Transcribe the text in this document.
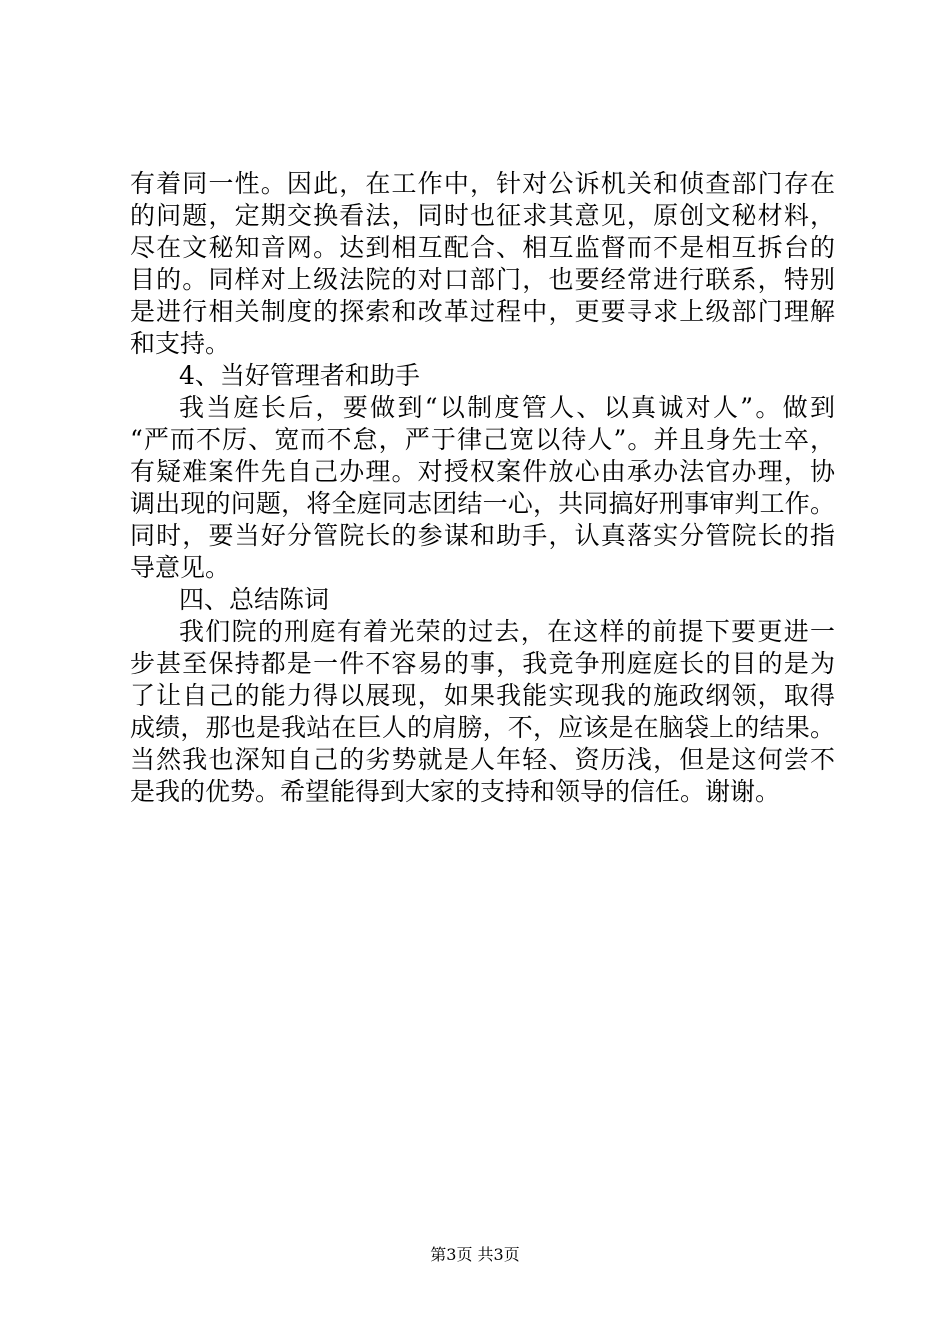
有着同一性。因此，在工作中，针对公诉机关和侦查部门存在
的问题，定期交换看法，同时也征求其意见，原创文秘材料，
尽在文秘知音网。达到相互配合、相互监督而不是相互拆台的
目的。同样对上级法院的对口部门，也要经常进行联系，特别
是进行相关制度的探索和改革过程中，更要寻求上级部门理解
和支持。
4、当好管理者和助手
我当庭长后，要做到“以制度管人、以真诚对人”。做到
“严而不厉、宽而不怠，严于律己宽以待人”。并且身先士卒，
有疑难案件先自己办理。对授权案件放心由承办法官办理，协
调出现的问题，将全庭同志团结一心，共同搞好刑事审判工作。
同时，要当好分管院长的参谋和助手，认真落实分管院长的指
导意见。
四、总结陈词
我们院的刑庭有着光荣的过去，在这样的前提下要更进一
步甚至保持都是一件不容易的事，我竞争刑庭庭长的目的是为
了让自己的能力得以展现，如果我能实现我的施政纲领，取得
成绩，那也是我站在巨人的肩膀，不，应该是在脑袋上的结果。
当然我也深知自己的劣势就是人年轻、资历浅，但是这何尝不
是我的优势。希望能得到大家的支持和领导的信任。谢谢。
第3页 共3页
